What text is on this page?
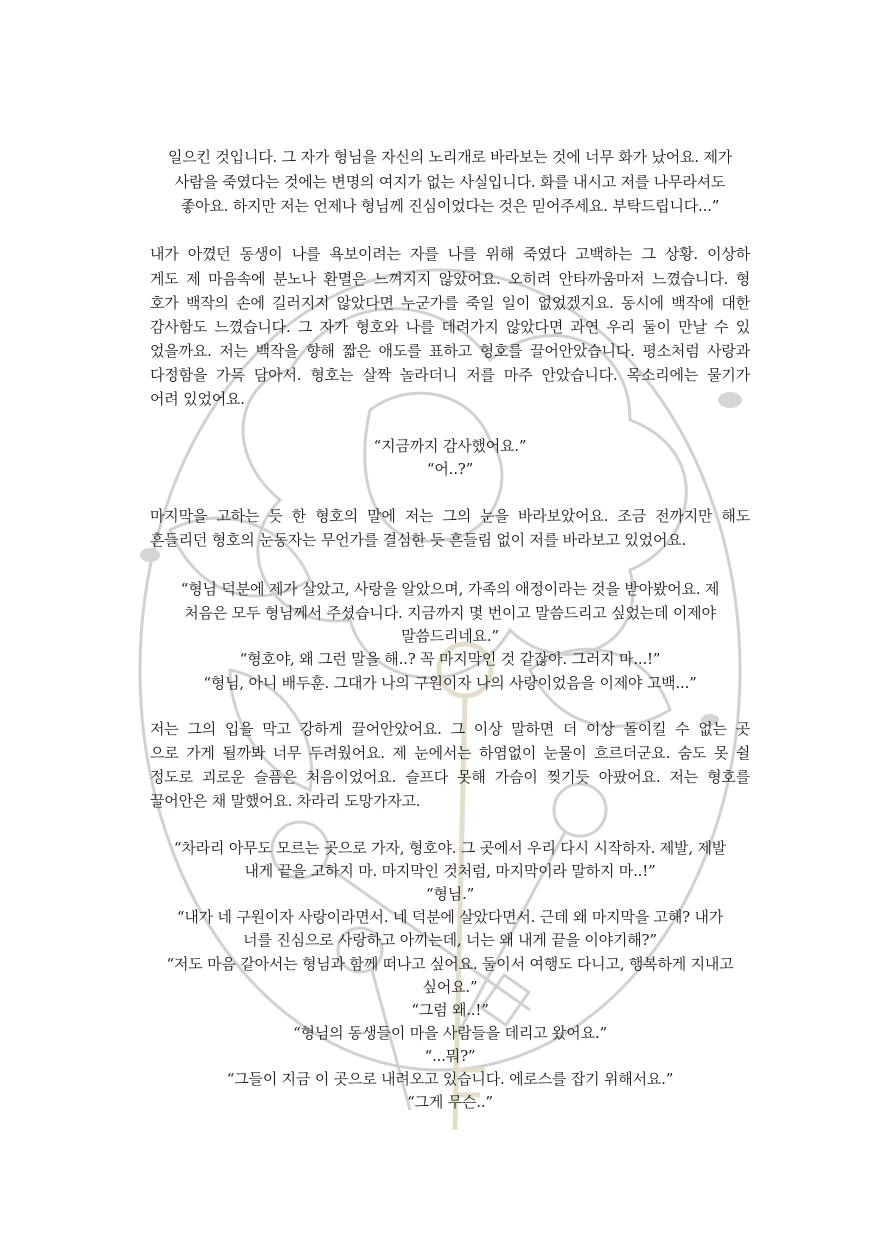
일으킨 것입니다. 그 자가 형님을 자신의 노리개로 바라보는 것에 너무 화가 났어요. 제가
사람을 죽였다는 것에는 변명의 여지가 없는 사실입니다. 화를 내시고 저를 나무라셔도
좋아요. 하지만 저는 언제나 형님께 진심이었다는 것은 믿어주세요. 부탁드립니다...”
내가 아꼈던 동생이 나를 욕보이려는 자를 나를 위해 죽였다 고백하는 그 상황. 이상하
게도 제 마음속에 분노나 환멸은 느껴지지 않았어요. 오히려 안타까움마저 느꼈습니다. 형
호가 백작의 손에 길러지지 않았다면 누군가를 죽일 일이 없었겠지요. 동시에 백작에 대한
감사함도 느꼈습니다. 그 자가 형호와 나를 데려가지 않았다면 과연 우리 둘이 만날 수 있
었을까요. 저는 백작을 향해 짧은 애도를 표하고 형호를 끌어안았습니다. 평소처럼 사랑과
다정함을 가득 담아서. 형호는 살짝 놀라더니 저를 마주 안았습니다. 목소리에는 물기가
어려 있었어요.
“지금까지 감사했어요.”
“어..?”
마지막을 고하는 듯 한 형호의 말에 저는 그의 눈을 바라보았어요. 조금 전까지만 해도
흔들리던 형호의 눈동자는 무언가를 결심한 듯 흔들림 없이 저를 바라보고 있었어요.
“형님 덕분에 제가 살았고, 사랑을 알았으며, 가족의 애정이라는 것을 받아봤어요. 제
처음은 모두 형님께서 주셨습니다. 지금까지 몇 번이고 말씀드리고 싶었는데 이제야
말씀드리네요.”
“형호야, 왜 그런 말을 해..? 꼭 마지막인 것 같잖아. 그러지 마...!”
“형님, 아니 배두훈. 그대가 나의 구원이자 나의 사랑이었음을 이제야 고백...”
저는 그의 입을 막고 강하게 끌어안았어요. 그 이상 말하면 더 이상 돌이킬 수 없는 곳
으로 가게 될까봐 너무 두려웠어요. 제 눈에서는 하염없이 눈물이 흐르더군요. 숨도 못 쉴
정도로 괴로운 슬픔은 처음이었어요. 슬프다 못해 가슴이 찢기듯 아팠어요. 저는 형호를
끌어안은 채 말했어요. 차라리 도망가자고.
“차라리 아무도 모르는 곳으로 가자, 형호야. 그 곳에서 우리 다시 시작하자. 제발, 제발
내게 끝을 고하지 마. 마지막인 것처럼, 마지막이라 말하지 마..!”
“형님.”
“내가 네 구원이자 사랑이라면서. 네 덕분에 살았다면서. 근데 왜 마지막을 고해? 내가
너를 진심으로 사랑하고 아끼는데, 너는 왜 내게 끝을 이야기해?”
“저도 마음 같아서는 형님과 함께 떠나고 싶어요. 둘이서 여행도 다니고, 행복하게 지내고
싶어요.”
“그럼 왜..!”
“형님의 동생들이 마을 사람들을 데리고 왔어요.”
“...뭐?”
“그들이 지금 이 곳으로 내려오고 있습니다. 에로스를 잡기 위해서요.”
“그게 무슨..”
